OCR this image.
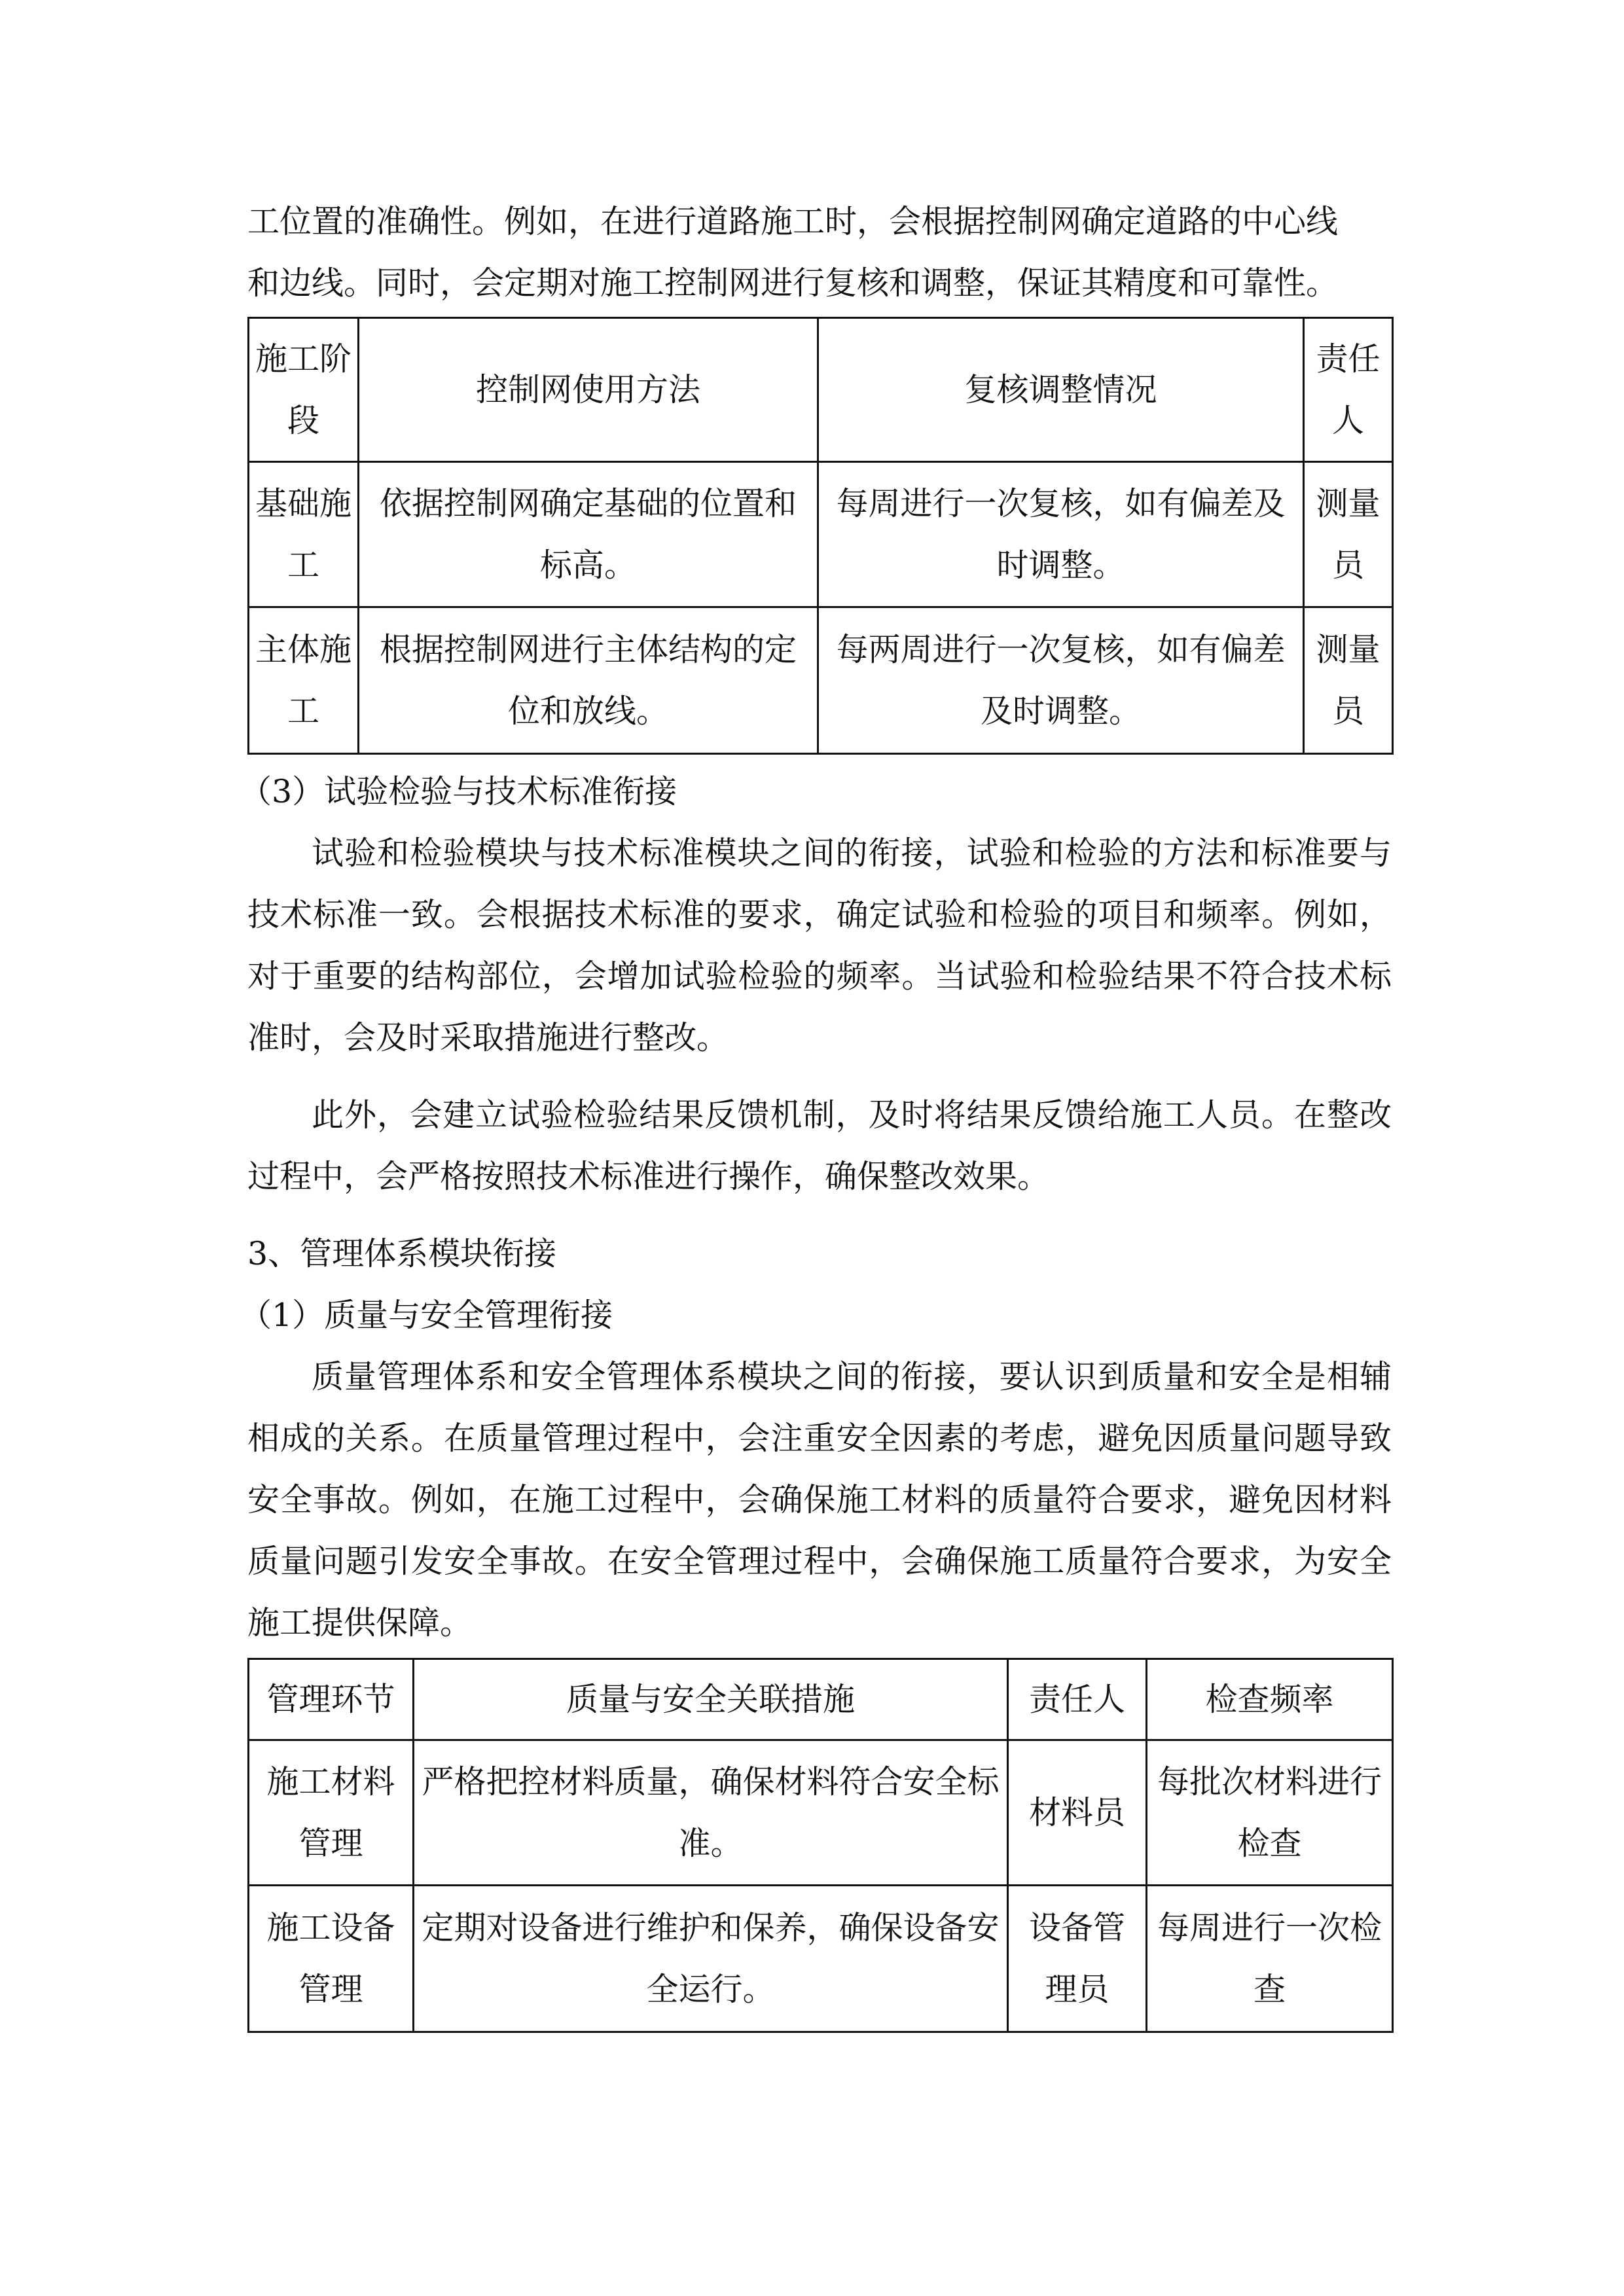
工位置的准确性。例如，在进行道路施工时，会根据控制网确定道路的中心线

和边线。同时，会定期对施工控制网进行复核和调整，保证其精度和可靠性。

施工阶段	控制网使用方法	复核调整情况	责任人
基础施工	依据控制网确定基础的位置和标高。	每周进行一次复核，如有偏差及时调整。	测量员
主体施工	根据控制网进行主体结构的定位和放线。	每两周进行一次复核，如有偏差及时调整。	测量员

（3）试验检验与技术标准衔接

试验和检验模块与技术标准模块之间的衔接，试验和检验的方法和标准要与技术标准一致。会根据技术标准的要求，确定试验和检验的项目和频率。例如，对于重要的结构部位，会增加试验检验的频率。当试验和检验结果不符合技术标准时，会及时采取措施进行整改。

此外，会建立试验检验结果反馈机制，及时将结果反馈给施工人员。在整改过程中，会严格按照技术标准进行操作，确保整改效果。

3、管理体系模块衔接

（1）质量与安全管理衔接

质量管理体系和安全管理体系模块之间的衔接，要认识到质量和安全是相辅相成的关系。在质量管理过程中，会注重安全因素的考虑，避免因质量问题导致安全事故。例如，在施工过程中，会确保施工材料的质量符合要求，避免因材料质量问题引发安全事故。在安全管理过程中，会确保施工质量符合要求，为安全施工提供保障。

管理环节	质量与安全关联措施	责任人	检查频率
施工材料管理	严格把控材料质量，确保材料符合安全标准。	材料员	每批次材料进行检查
施工设备管理	定期对设备进行维护和保养，确保设备安全运行。	设备管理员	每周进行一次检查
